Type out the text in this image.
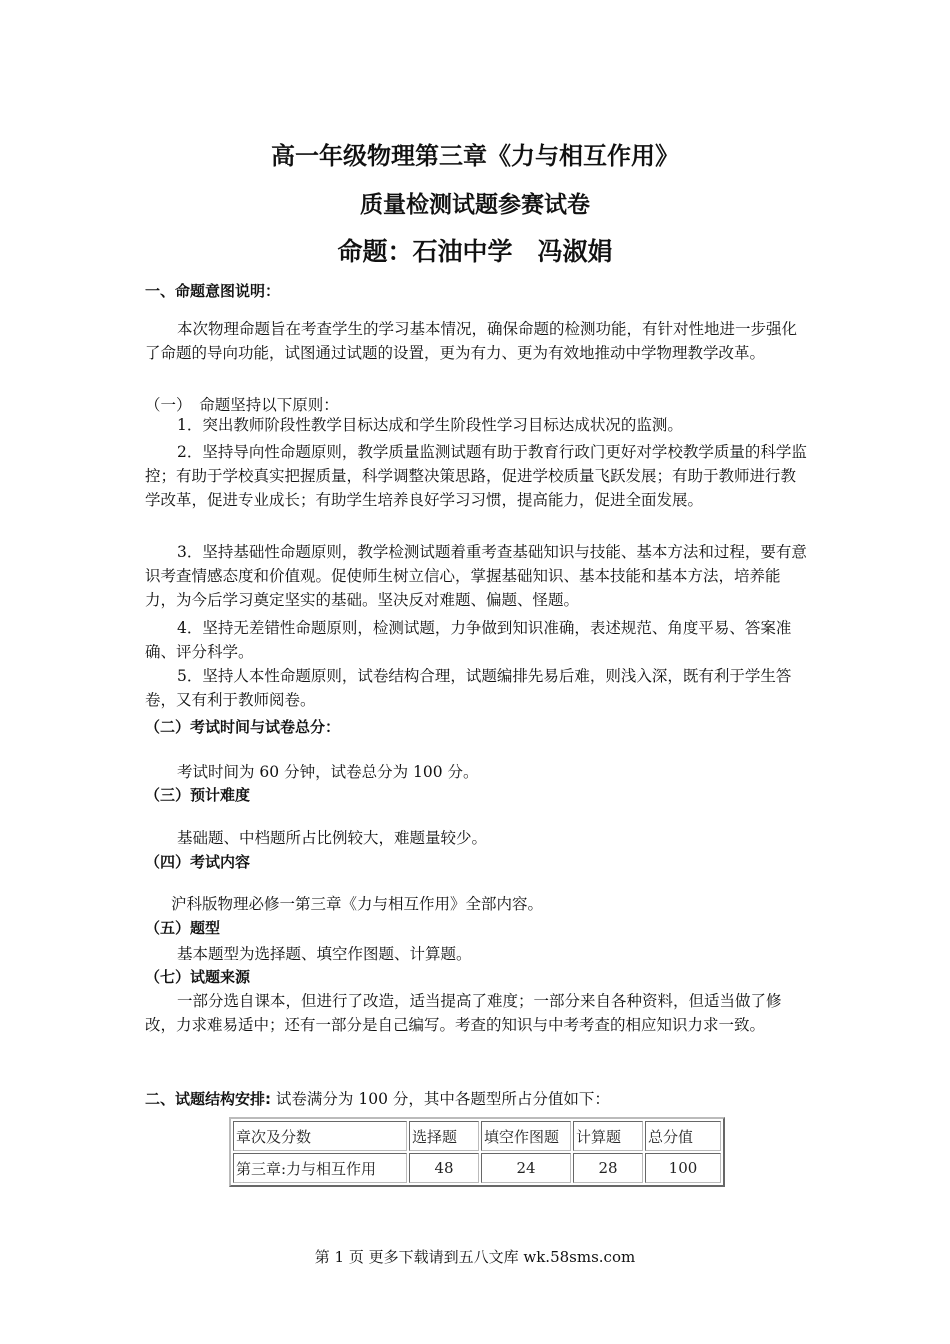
高一年级物理第三章《力与相互作用》
质量检测试题参赛试卷
命题：石油中学　冯淑娟
一、命题意图说明：
本次物理命题旨在考查学生的学习基本情况，确保命题的检测功能，有针对性地进一步强化了命题的导向功能，试图通过试题的设置，更为有力、更为有效地推动中学物理教学改革。
（一）　命题坚持以下原则：
1．突出教师阶段性教学目标达成和学生阶段性学习目标达成状况的监测。
2．坚持导向性命题原则，教学质量监测试题有助于教育行政门更好对学校教学质量的科学监控；有助于学校真实把握质量，科学调整决策思路，促进学校质量飞跃发展；有助于教师进行教学改革，促进专业成长；有助学生培养良好学习习惯，提高能力，促进全面发展。
3．坚持基础性命题原则，教学检测试题着重考查基础知识与技能、基本方法和过程，要有意识考查情感态度和价值观。促使师生树立信心，掌握基础知识、基本技能和基本方法，培养能力，为今后学习奠定坚实的基础。坚决反对难题、偏题、怪题。
4．坚持无差错性命题原则，检测试题，力争做到知识准确，表述规范、角度平易、答案准确、评分科学。
5．坚持人本性命题原则，试卷结构合理，试题编排先易后难，则浅入深，既有利于学生答卷，又有利于教师阅卷。
（二）考试时间与试卷总分：
考试时间为 60 分钟，试卷总分为 100 分。
（三）预计难度
基础题、中档题所占比例较大，难题量较少。
（四）考试内容
沪科版物理必修一第三章《力与相互作用》全部内容。
（五）题型
基本题型为选择题、填空作图题、计算题。
（七）试题来源
一部分选自课本，但进行了改造，适当提高了难度；一部分来自各种资料，但适当做了修改，力求难易适中；还有一部分是自己编写。考查的知识与中考考查的相应知识力求一致。
二、试题结构安排: 试卷满分为 100 分，其中各题型所占分值如下：
章次及分数	选择题	填空作图题	计算题	总分值
第三章:力与相互作用	48	24	28	100
第 1 页 更多下载请到五八文库 wk.58sms.com
